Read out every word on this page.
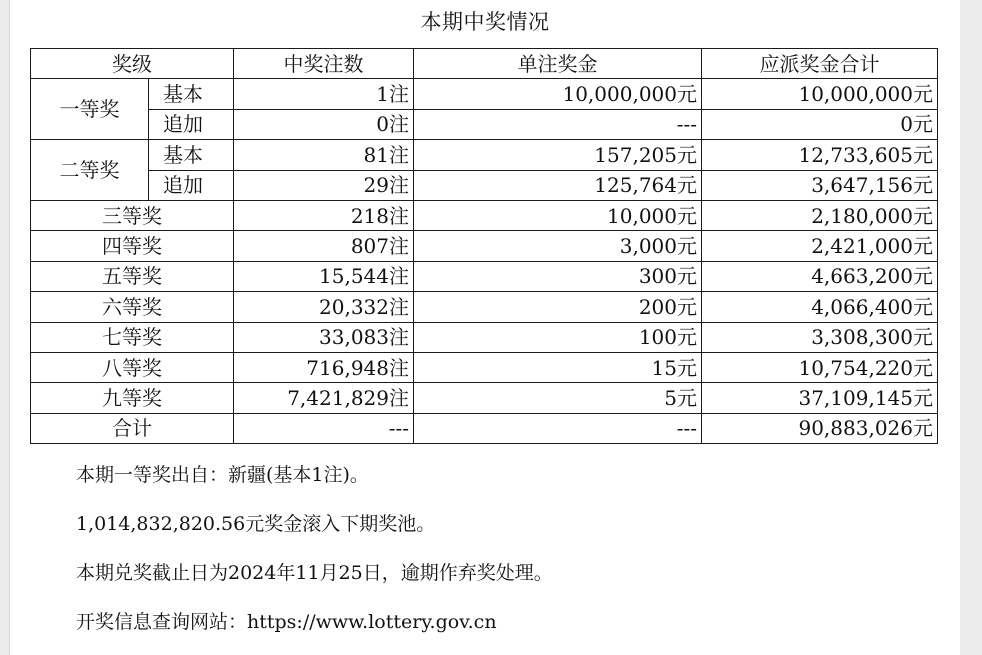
本期中奖情况
奖级		中奖注数	单注奖金	应派奖金合计
一等奖	基本	1注	10,000,000元	10,000,000元
	追加	0注	---	0元
二等奖	基本	81注	157,205元	12,733,605元
	追加	29注	125,764元	3,647,156元
三等奖		218注	10,000元	2,180,000元
四等奖		807注	3,000元	2,421,000元
五等奖		15,544注	300元	4,663,200元
六等奖		20,332注	200元	4,066,400元
七等奖		33,083注	100元	3,308,300元
八等奖		716,948注	15元	10,754,220元
九等奖		7,421,829注	5元	37,109,145元
合计		---	---	90,883,026元

本期一等奖出自：新疆(基本1注)。

1,014,832,820.56元奖金滚入下期奖池。

本期兑奖截止日为2024年11月25日，逾期作弃奖处理。

开奖信息查询网站：https://www.lottery.gov.cn
